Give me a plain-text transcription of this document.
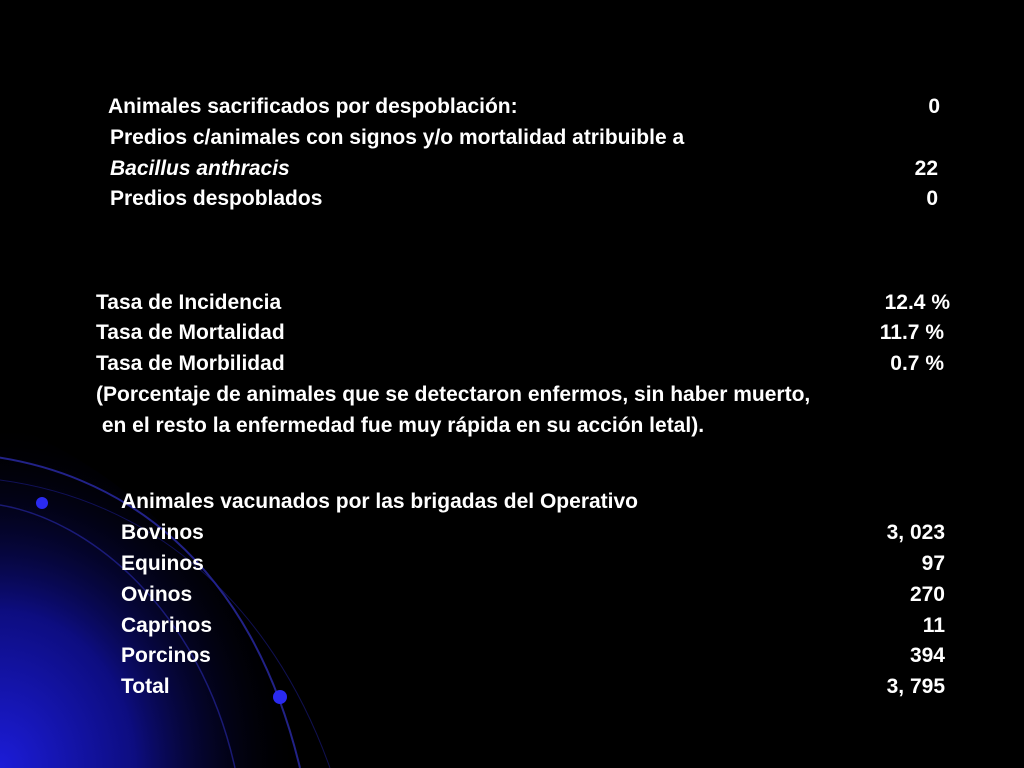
Animales sacrificados por despoblación:	0
Predios c/animales con signos y/o mortalidad atribuible a
Bacillus anthracis	22
Predios despoblados	0
Tasa de Incidencia	12.4 %
Tasa de Mortalidad	11.7 %
Tasa de Morbilidad	0.7 %
(Porcentaje de animales que se detectaron enfermos, sin haber muerto,
en el resto la enfermedad fue muy rápida en su acción letal).
Animales vacunados por las brigadas del Operativo
Bovinos	3, 023
Equinos	97
Ovinos	270
Caprinos	11
Porcinos	394
Total	3, 795
